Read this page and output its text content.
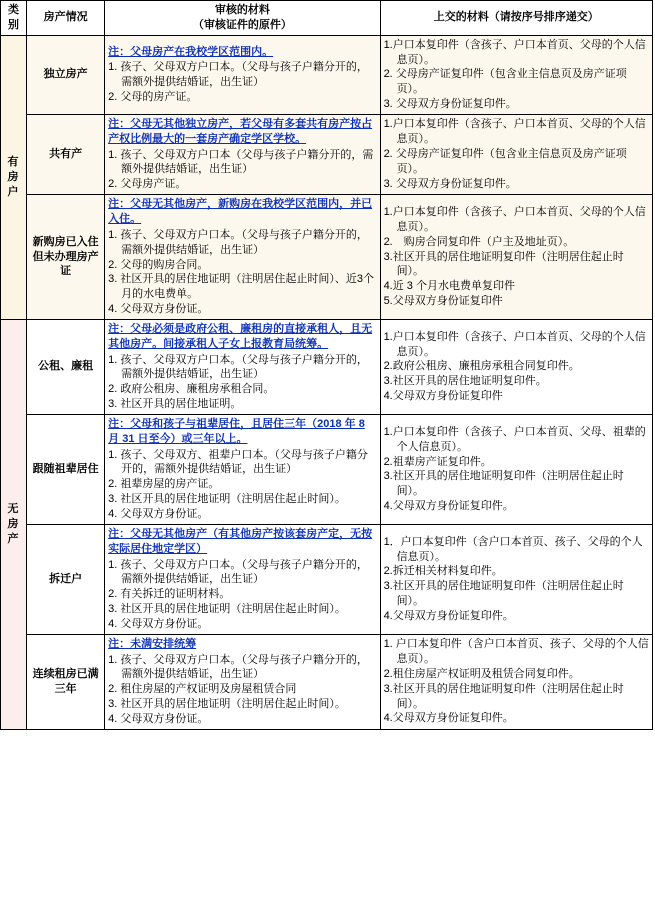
类别	房产情况	审核的材料
（审核证件的原件）	上交的材料（请按序号排序递交）
有房户	独立房产	注：父母房产在我校学区范围内。
1. 孩子、父母双方户口本。（父母与孩子户籍分开的，需额外提供结婚证，出生证）
2. 父母的房产证。	1.户口本复印件（含孩子、户口本首页、父母的个人信息页）。
2. 父母房产证复印件（包含业主信息页及房产证项页）。
3. 父母双方身份证复印件。

	共有产	注：父母无其他独立房产，若父母有多套共有房产按占产权比例最大的一套房产确定学区学校。
1. 孩子、父母双方户口本（父母与孩子户籍分开的，需额外提供结婚证，出生证）
2. 父母房产证。	1.户口本复印件（含孩子、户口本首页、父母的个人信息页）。
2. 父母房产证复印件（包含业主信息页及房产证项页）。
3. 父母双方身份证复印件。

	新购房已入住但未办理房产证	注：父母无其他房产，新购房在我校学区范围内，并已入住。
1. 孩子、父母双方户口本。（父母与孩子户籍分开的，需额外提供结婚证，出生证）
2. 父母的购房合同。
3. 社区开具的居住地证明（注明居住起止时间）、近3个月的水电费单。
4. 父母双方身份证。	1.户口本复印件（含孩子、户口本首页、父母的个人信息页）。
2.　购房合同复印件（户主及地址页）。
3.社区开具的居住地证明复印件（注明居住起止时间）。
4.近 3 个月水电费单复印件
5.父母双方身份证复印件

无房产	公租、廉租	注：父母必须是政府公租、廉租房的直接承租人，且无其他房产。间接承租人子女上报教育局统筹。
1. 孩子、父母双方户口本。（父母与孩子户籍分开的，需额外提供结婚证，出生证）
2. 政府公租房、廉租房承租合同。
3. 社区开具的居住地证明。	1.户口本复印件（含孩子、户口本首页、父母的个人信息页）。
2.政府公租房、廉租房承租合同复印件。
3.社区开具的居住地证明复印件。
4.父母双方身份证复印件

	跟随祖辈居住	注：父母和孩子与祖辈居住，且居住三年（2018 年 8 月 31 日至今）或三年以上。
1. 孩子、父母双方、祖辈户口本。（父母与孩子户籍分开的，需额外提供结婚证，出生证）
2. 祖辈房屋的房产证。
3. 社区开具的居住地证明（注明居住起止时间）。
4. 父母双方身份证。	1.户口本复印件（含孩子、户口本首页、父母、祖辈的个人信息页）。
2.祖辈房产证复印件。
3.社区开具的居住地证明复印件（注明居住起止时间）。
4.父母双方身份证复印件。

	拆迁户	注：父母无其他房产（有其他房产按该套房产定，无按实际居住地定学区）
1. 孩子、父母双方户口本。（父母与孩子户籍分开的，需额外提供结婚证，出生证）
2. 有关拆迁的证明材料。
3. 社区开具的居住地证明（注明居住起止时间）。
4. 父母双方身份证。	1．户口本复印件（含户口本首页、孩子、父母的个人信息页）。
2.拆迁相关材料复印件。
3.社区开具的居住地证明复印件（注明居住起止时间）。
4.父母双方身份证复印件。

	连续租房已满三年	注：未满安排统筹
1. 孩子、父母双方户口本。（父母与孩子户籍分开的，需额外提供结婚证，出生证）
2. 租住房屋的产权证明及房屋租赁合同
3. 社区开具的居住地证明（注明居住起止时间）。
4. 父母双方身份证。	1. 户口本复印件（含户口本首页、孩子、父母的个人信息页）。
2.租住房屋产权证明及租赁合同复印件。
3.社区开具的居住地证明复印件（注明居住起止时间）。
4.父母双方身份证复印件。
